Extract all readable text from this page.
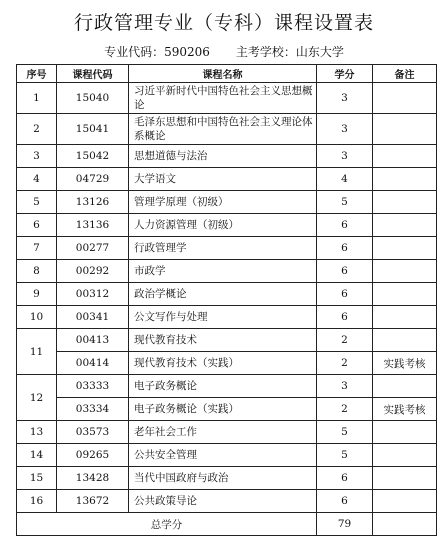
行政管理专业（专科）课程设置表
专业代码：590206 主考学校：山东大学
序号	课程代码	课程名称	学分	备注
1	15040	习近平新时代中国特色社会主义思想概论	3	
2	15041	毛泽东思想和中国特色社会主义理论体系概论	3	
3	15042	思想道德与法治	3	
4	04729	大学语文	4	
5	13126	管理学原理（初级）	5	
6	13136	人力资源管理（初级）	6	
7	00277	行政管理学	6	
8	00292	市政学	6	
9	00312	政治学概论	6	
10	00341	公文写作与处理	6	
11	00413	现代教育技术	2	
	00414	现代教育技术（实践）	2	实践考核
12	03333	电子政务概论	3	
	03334	电子政务概论（实践）	2	实践考核
13	03573	老年社会工作	5	
14	09265	公共安全管理	5	
15	13428	当代中国政府与政治	6	
16	13672	公共政策导论	6	
总学分			79	
